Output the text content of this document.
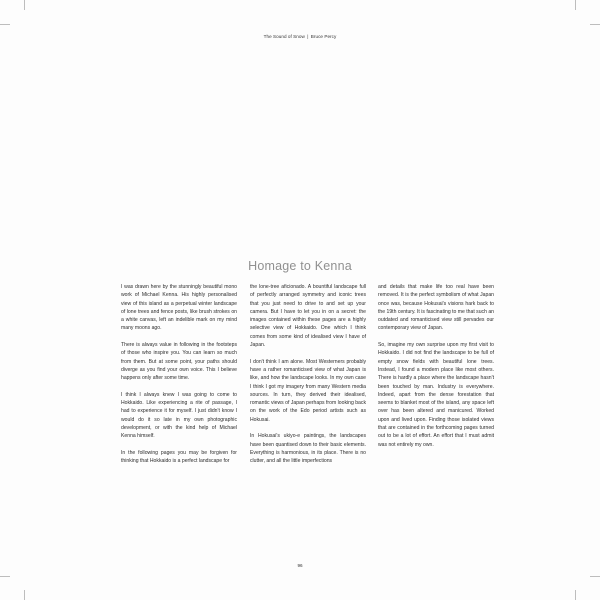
The Sound of Snow | Bruce Percy
Homage to Kenna

I was drawn here by the stunningly beautiful mono work of Michael Kenna. His highly personalised view of this island as a perpetual winter landscape of lone trees and fence posts, like brush strokes on a white canvas, left an indelible mark on my mind many moons ago.

There is always value in following in the footsteps of those who inspire you. You can learn so much from them. But at some point, your paths should diverge as you find your own voice. This I believe happens only after some time.

I think I always knew I was going to come to Hokkaido. Like experiencing a rite of passage, I had to experience it for myself. I just didn't know I would do it so late in my own photographic development, or with the kind help of Michael Kenna himself.

In the following pages you may be forgiven for thinking that Hokkaido is a perfect landscape for

the lone-tree aficionado. A bountiful landscape full of perfectly arranged symmetry and iconic trees that you just need to drive to and set up your camera. But I have to let you in on a secret: the images contained within these pages are a highly selective view of Hokkaido. One which I think comes from some kind of idealised view I have of Japan.

I don't think I am alone. Most Westerners probably have a rather romanticised view of what Japan is like, and how the landscape looks. In my own case I think I got my imagery from many Western media sources. In turn, they derived their idealised, romantic views of Japan perhaps from looking back on the work of the Edo period artists such as Hokusai.

In Hokusai's ukiyo-e paintings, the landscapes have been quantised down to their basic elements. Everything is harmonious, in its place. There is no clutter, and all the little imperfections

and details that make life too real have been removed. It is the perfect symbolism of what Japan once was, because Hokusai's visions hark back to the 19th century. It is fascinating to me that such an outdated and romanticised view still pervades our contemporary view of Japan.

So, imagine my own surprise upon my first visit to Hokkaido. I did not find the landscape to be full of empty snow fields with beautiful lone trees. Instead, I found a modern place like most others. There is hardly a place where the landscape hasn't been touched by man. Industry is everywhere. Indeed, apart from the dense forestation that seems to blanket most of the island, any space left over has been altered and manicured. Worked upon and lived upon. Finding those isolated views that are contained in the forthcoming pages turned out to be a lot of effort. An effort that I must admit was not entirely my own.

96
